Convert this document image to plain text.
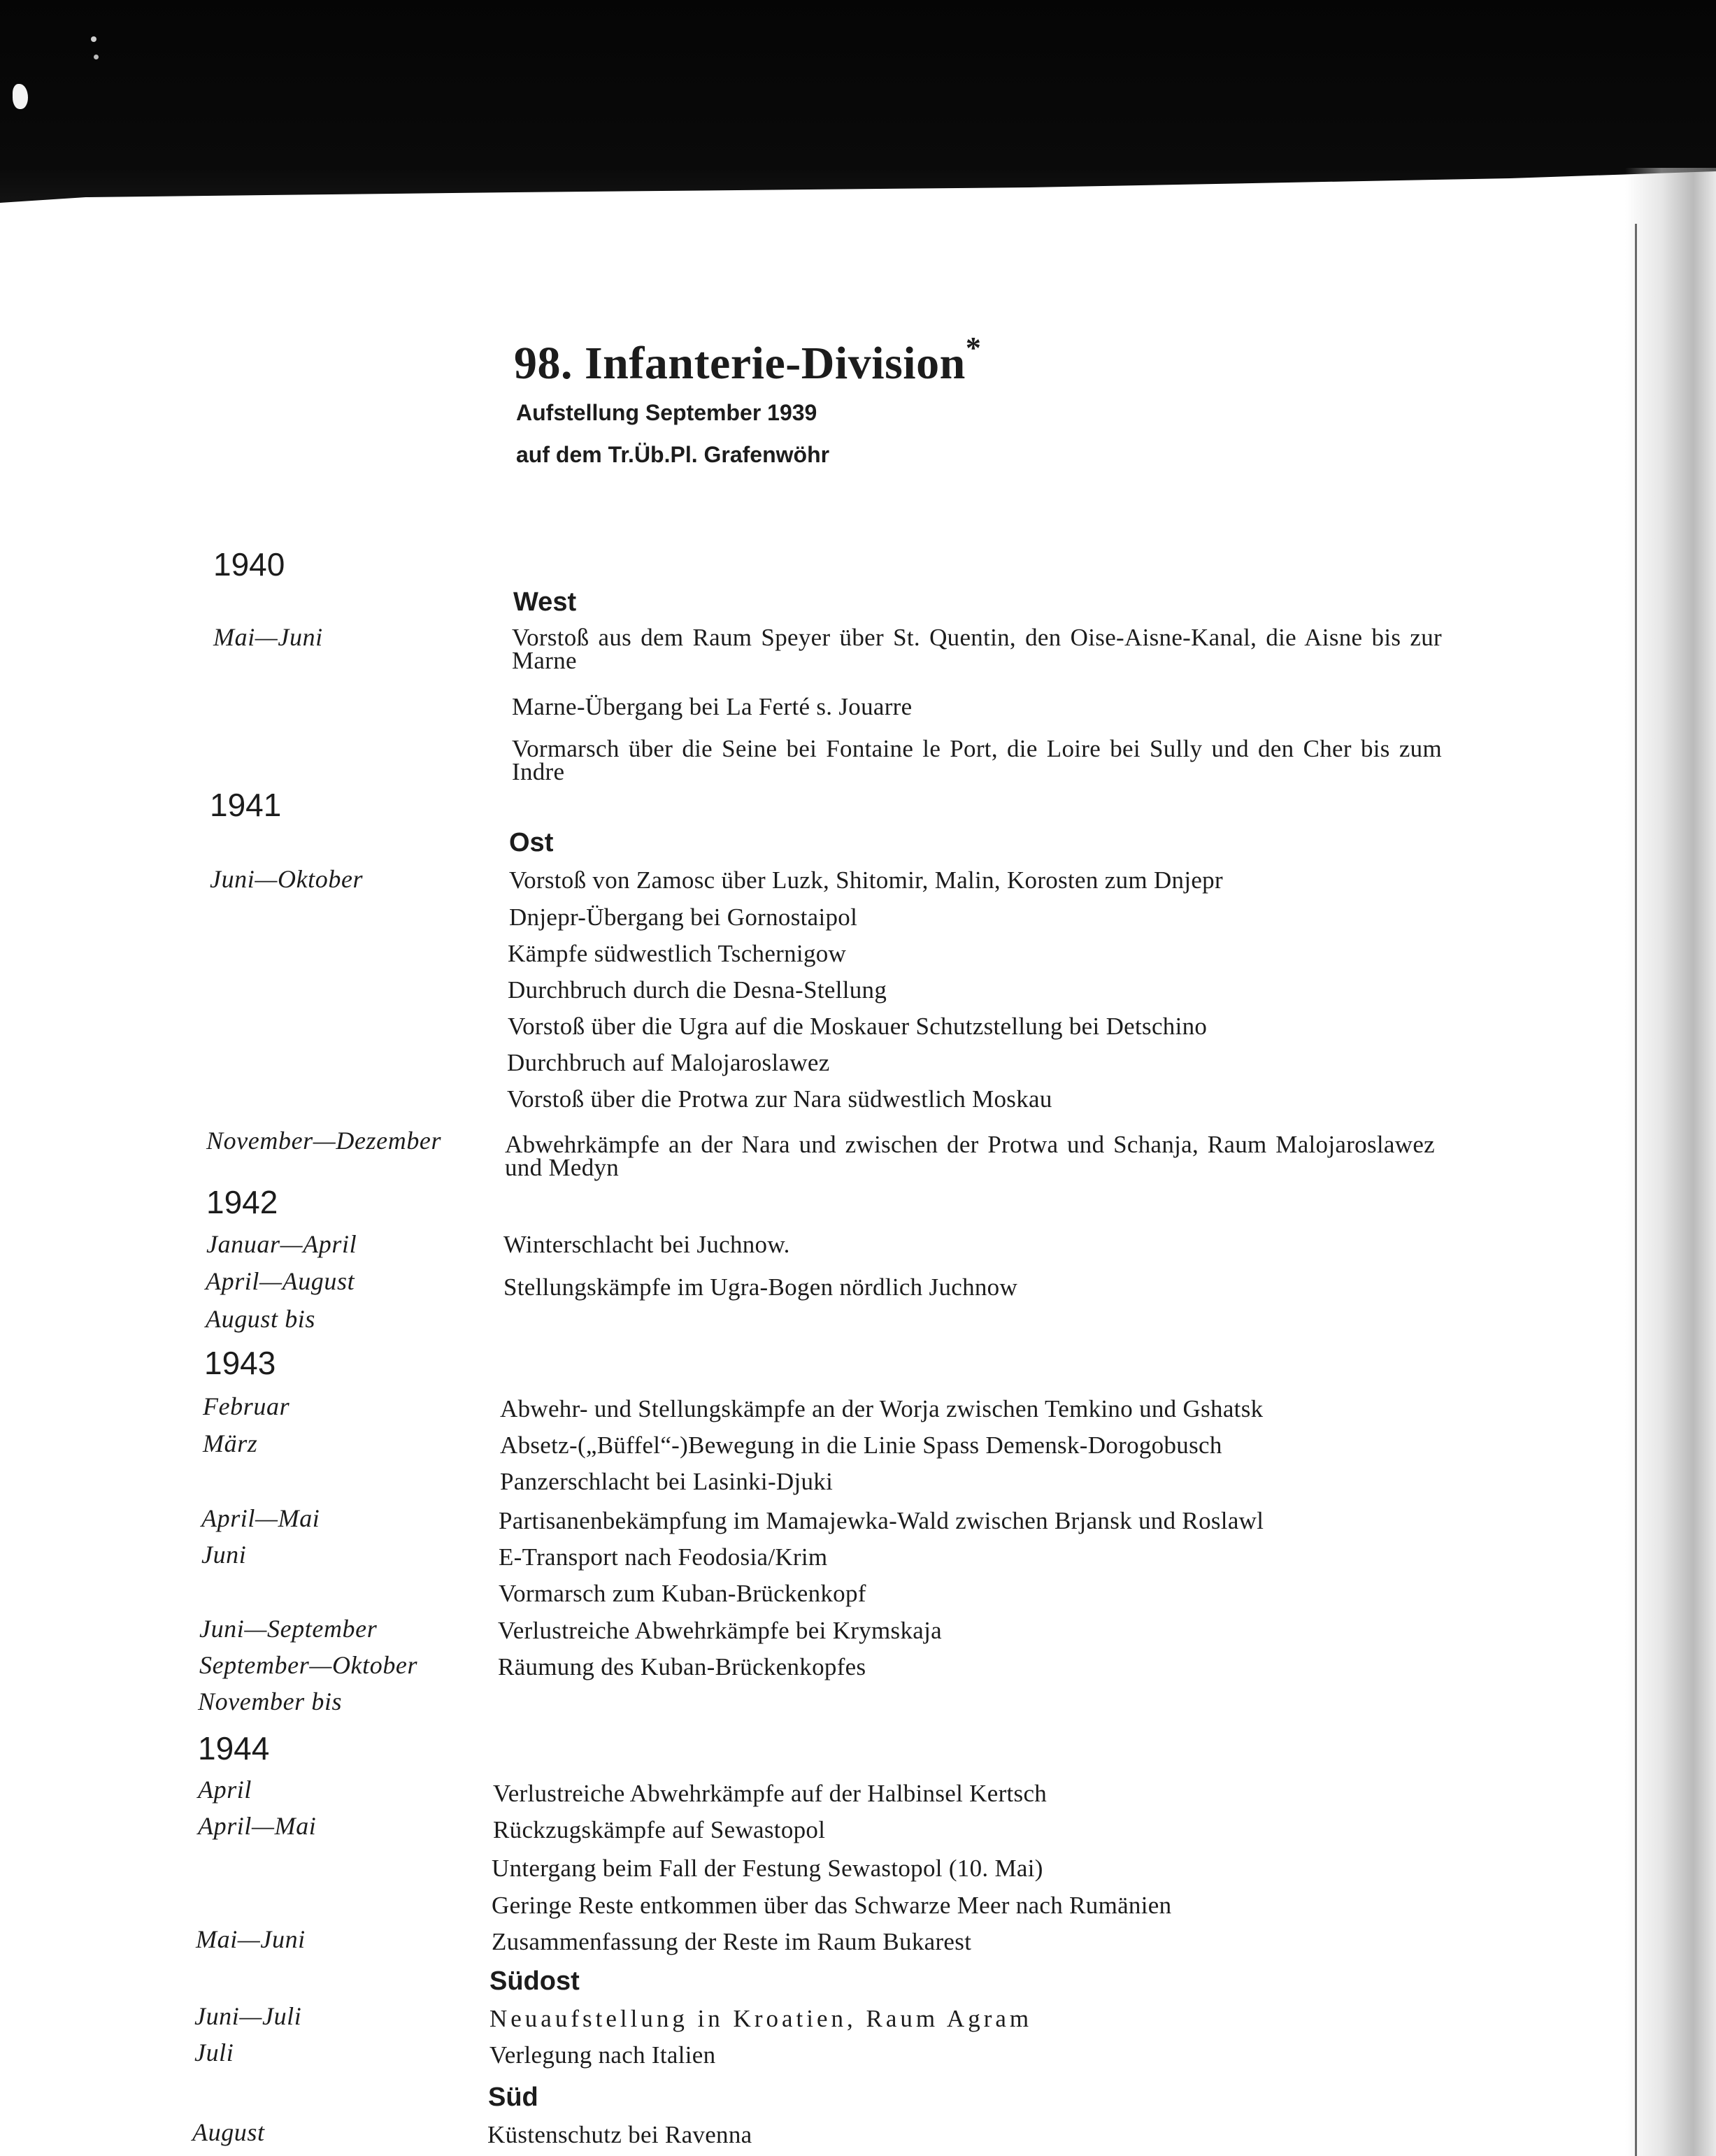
98. Infanterie-Division*
Aufstellung September 1939
auf dem Tr.Üb.Pl. Grafenwöhr
1940
1941
1942
1943
1944
West
Ost
Südost
Süd
Mai—Juni
Juni—Oktober
November—Dezember
Januar—April
April—August
August bis
Februar
März
April—Mai
Juni
Juni—September
September—Oktober
November bis
April
April—Mai
Mai—Juni
Juni—Juli
Juli
August
Vorstoß aus dem Raum Speyer über St. Quentin, den Oise-Aisne-Kanal, die Aisne bis zur Marne
Marne-Übergang bei La Ferté s. Jouarre
Vormarsch über die Seine bei Fontaine le Port, die Loire bei Sully und den Cher bis zum Indre
Vorstoß von Zamosc über Luzk, Shitomir, Malin, Korosten zum Dnjepr
Dnjepr-Übergang bei Gornostaipol
Kämpfe südwestlich Tschernigow
Durchbruch durch die Desna-Stellung
Vorstoß über die Ugra auf die Moskauer Schutzstellung bei Detschino
Durchbruch auf Malojaroslawez
Vorstoß über die Protwa zur Nara südwestlich Moskau
Abwehrkämpfe an der Nara und zwischen der Protwa und Schanja, Raum Malojaroslawez und Medyn
Winterschlacht bei Juchnow.
Stellungskämpfe im Ugra-Bogen nördlich Juchnow
Abwehr- und Stellungskämpfe an der Worja zwischen Temkino und Gshatsk
Absetz-(„Büffel“-)Bewegung in die Linie Spass Demensk-Dorogobusch
Panzerschlacht bei Lasinki-Djuki
Partisanenbekämpfung im Mamajewka-Wald zwischen Brjansk und Roslawl
E-Transport nach Feodosia/Krim
Vormarsch zum Kuban-Brückenkopf
Verlustreiche Abwehrkämpfe bei Krymskaja
Räumung des Kuban-Brückenkopfes
Verlustreiche Abwehrkämpfe auf der Halbinsel Kertsch
Rückzugskämpfe auf Sewastopol
Untergang beim Fall der Festung Sewastopol (10. Mai)
Geringe Reste entkommen über das Schwarze Meer nach Rumänien
Zusammenfassung der Reste im Raum Bukarest
Neuaufstellung in Kroatien, Raum Agram
Verlegung nach Italien
Küstenschutz bei Ravenna
